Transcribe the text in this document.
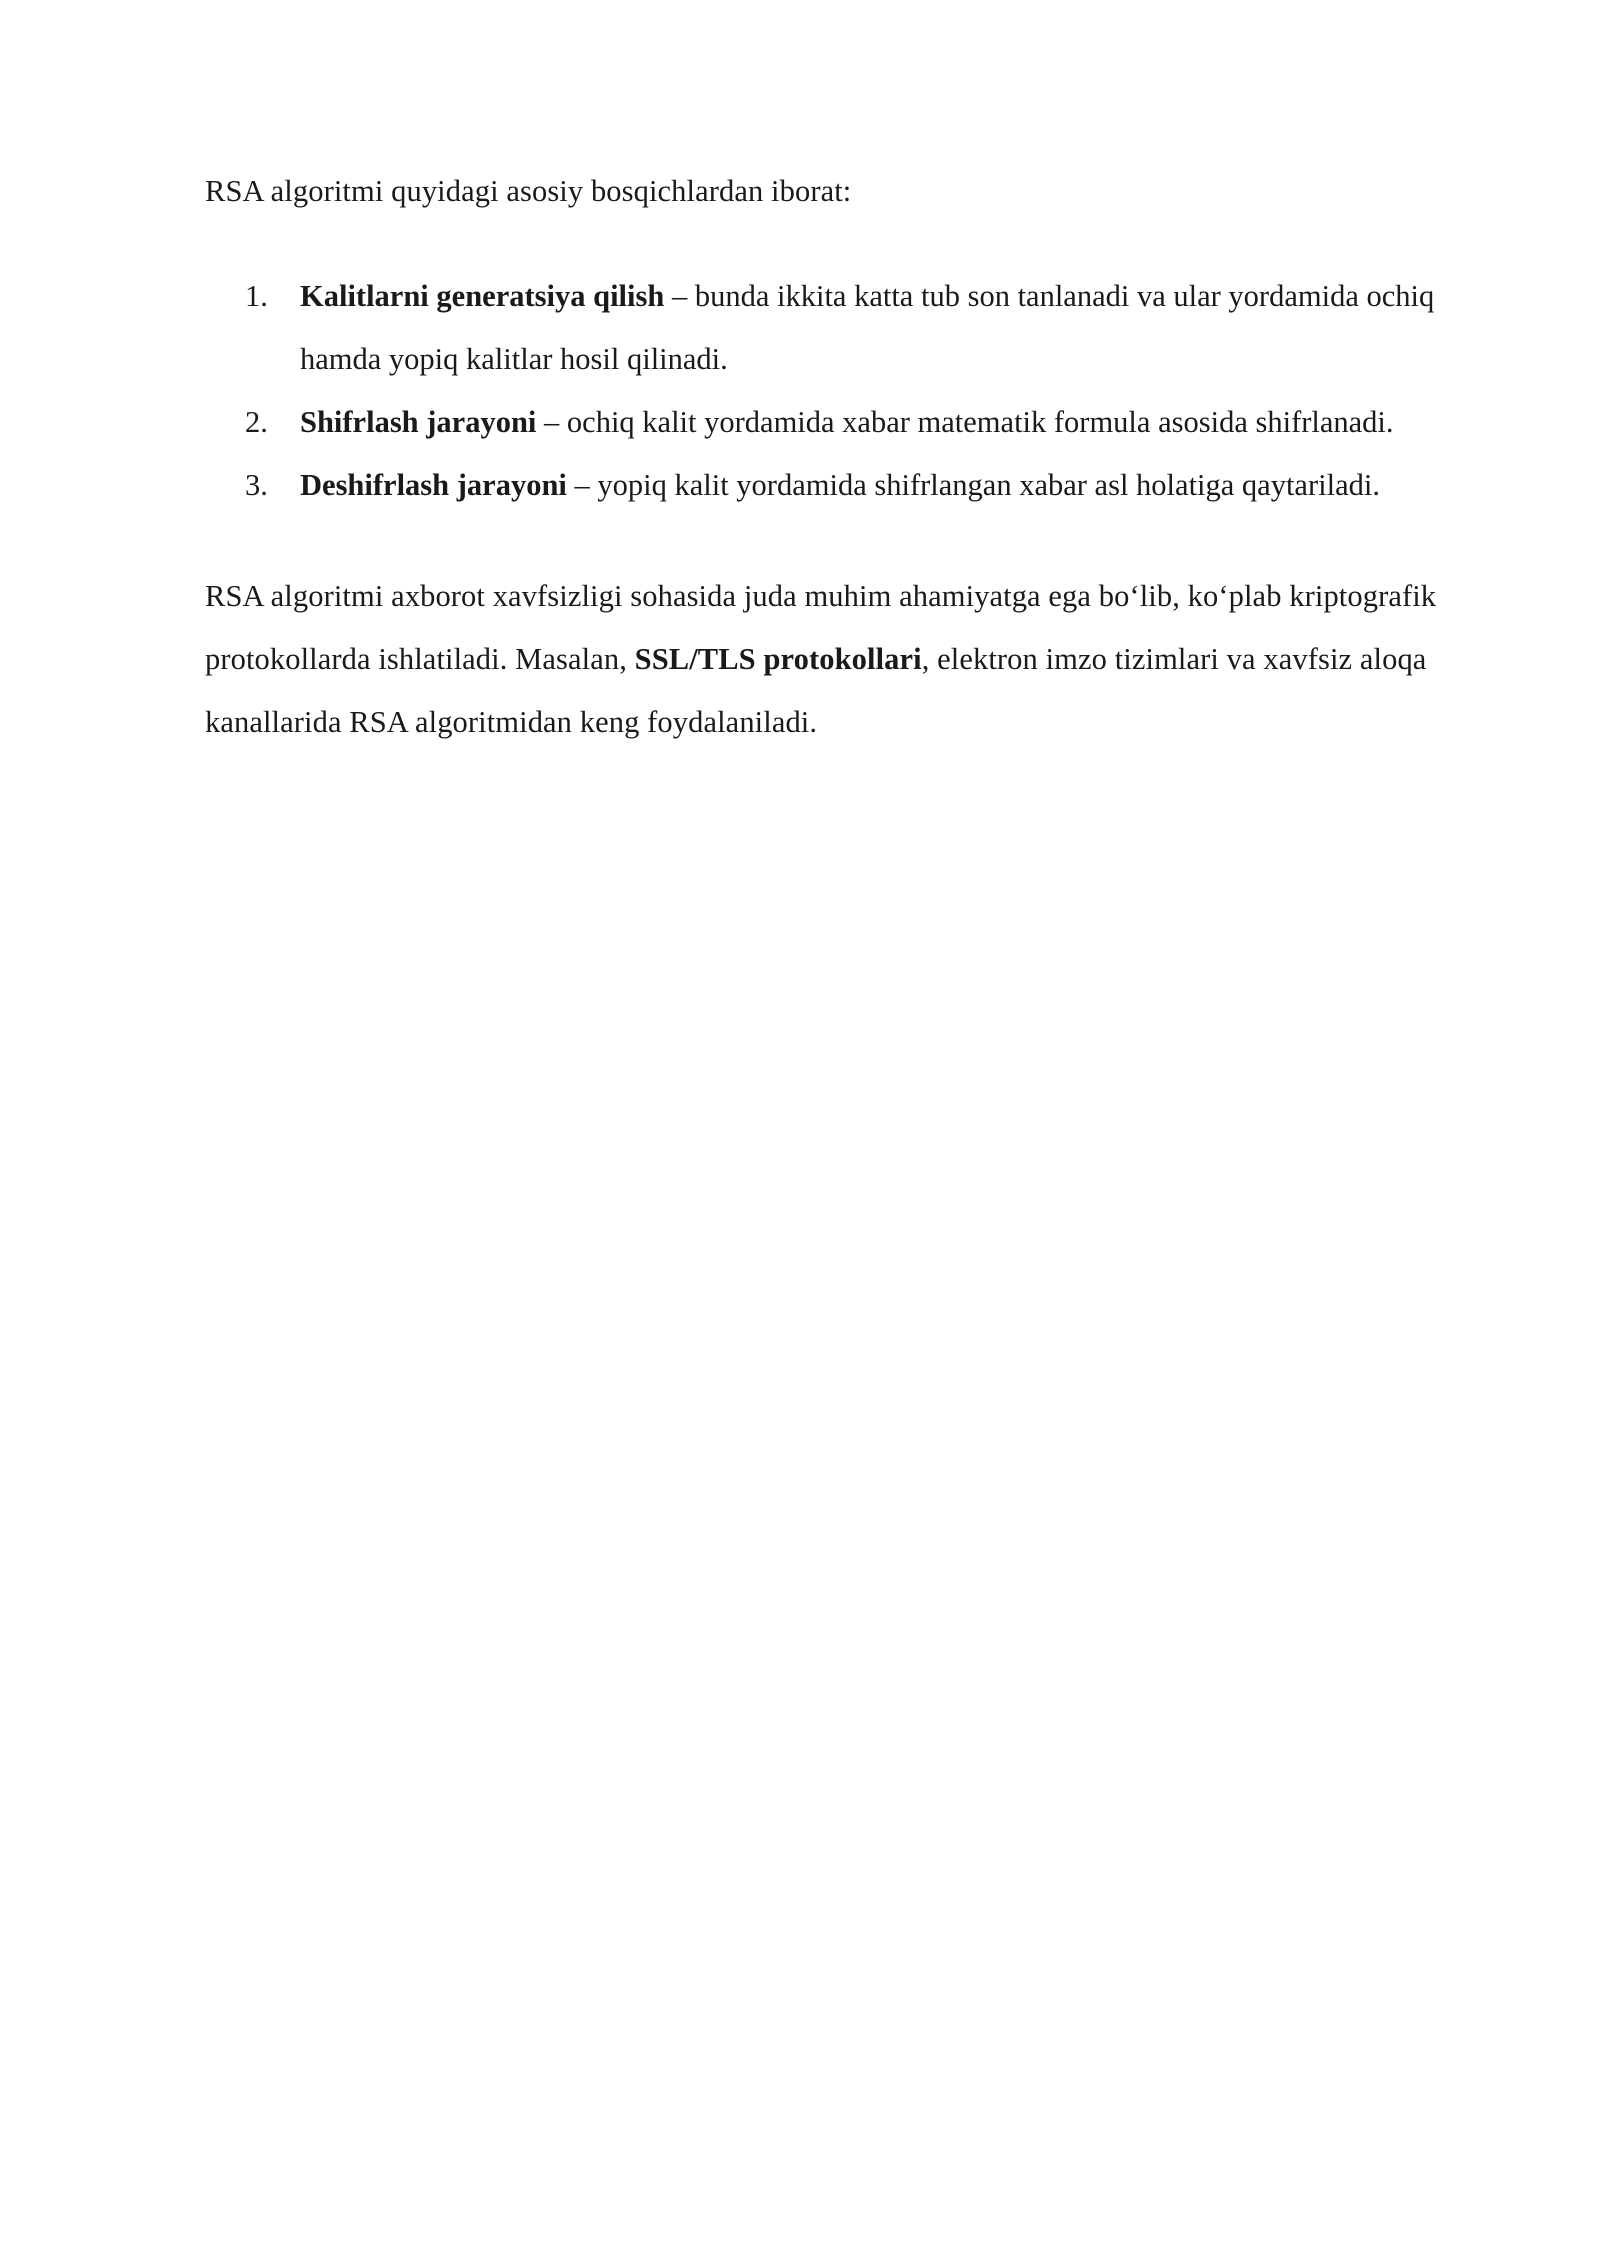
RSA algoritmi quyidagi asosiy bosqichlardan iborat:

1.	Kalitlarni generatsiya qilish – bunda ikkita katta tub son tanlanadi va ular yordamida ochiq hamda yopiq kalitlar hosil qilinadi.
2.	Shifrlash jarayoni – ochiq kalit yordamida xabar matematik formula asosida shifrlanadi.
3.	Deshifrlash jarayoni – yopiq kalit yordamida shifrlangan xabar asl holatiga qaytariladi.

RSA algoritmi axborot xavfsizligi sohasida juda muhim ahamiyatga ega bo‘lib, ko‘plab kriptografik protokollarda ishlatiladi. Masalan, SSL/TLS protokollari, elektron imzo tizimlari va xavfsiz aloqa kanallarida RSA algoritmidan keng foydalaniladi.
